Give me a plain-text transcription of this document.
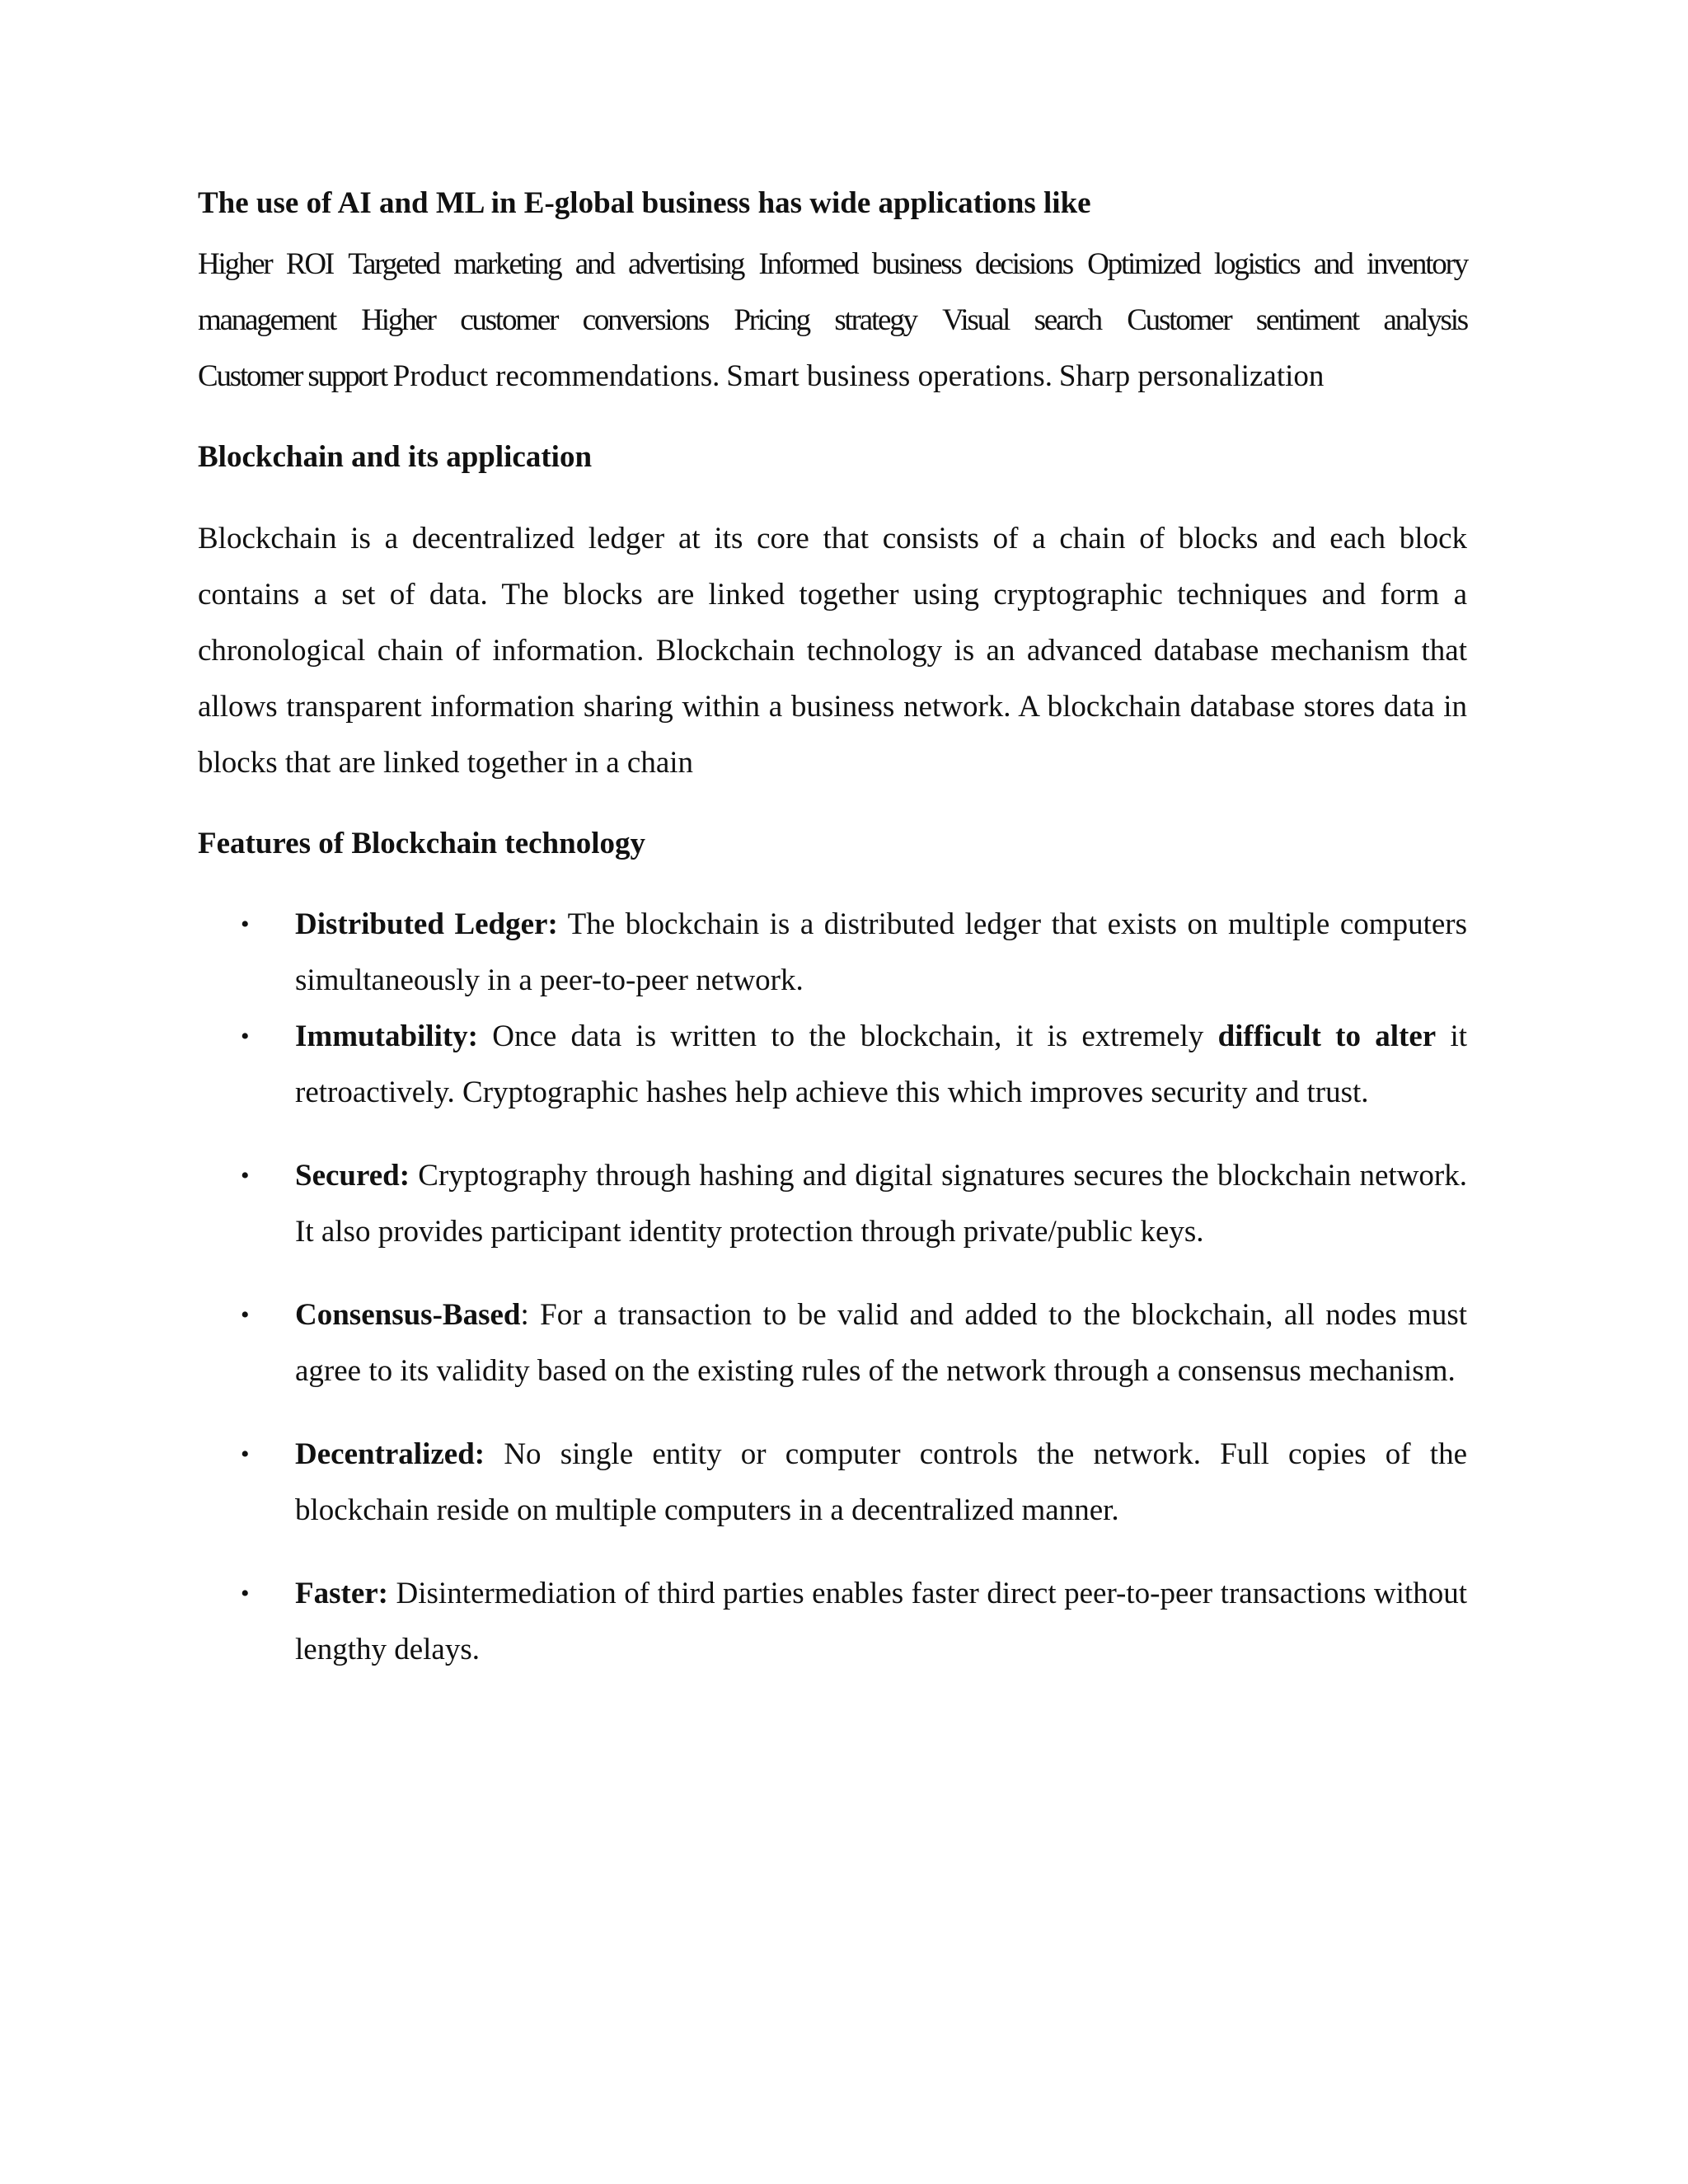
The use of AI and ML in E-global business has wide applications like

Higher ROI Targeted marketing and advertising Informed business decisions Optimized logistics and inventory management Higher customer conversions Pricing strategy Visual search Customer sentiment analysis Customer support Product recommendations. Smart business operations. Sharp personalization

Blockchain and its application

Blockchain is a decentralized ledger at its core that consists of a chain of blocks and each block contains a set of data. The blocks are linked together using cryptographic techniques and form a chronological chain of information. Blockchain technology is an advanced database mechanism that allows transparent information sharing within a business network. A blockchain database stores data in blocks that are linked together in a chain

Features of Blockchain technology

• Distributed Ledger: The blockchain is a distributed ledger that exists on multiple computers simultaneously in a peer-to-peer network.
• Immutability: Once data is written to the blockchain, it is extremely difficult to alter it retroactively. Cryptographic hashes help achieve this which improves security and trust.
• Secured: Cryptography through hashing and digital signatures secures the blockchain network. It also provides participant identity protection through private/public keys.
• Consensus-Based: For a transaction to be valid and added to the blockchain, all nodes must agree to its validity based on the existing rules of the network through a consensus mechanism.
• Decentralized: No single entity or computer controls the network. Full copies of the blockchain reside on multiple computers in a decentralized manner.
• Faster: Disintermediation of third parties enables faster direct peer-to-peer transactions without lengthy delays.
